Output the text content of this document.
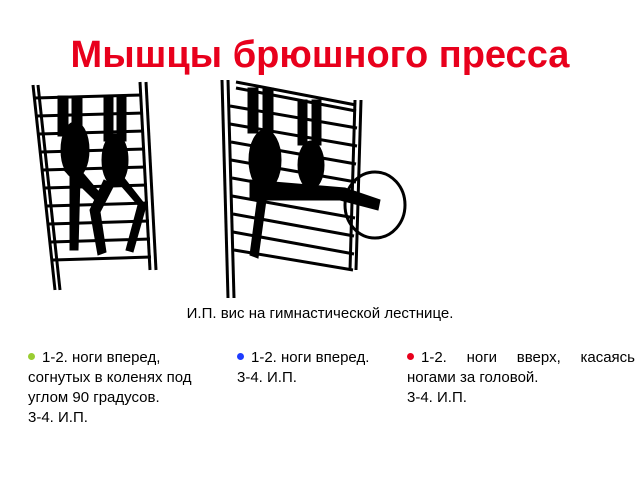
Мышцы брюшного пресса
И.П. вис на гимнастической лестнице.

1-2. ноги вперед,

согнутых в коленях под

углом 90 градусов.

3-4. И.П.

1-2. ноги вперед.

3-4. И.П.

1-2. ноги вверх, касаясь

ногами за головой.

3-4. И.П.
